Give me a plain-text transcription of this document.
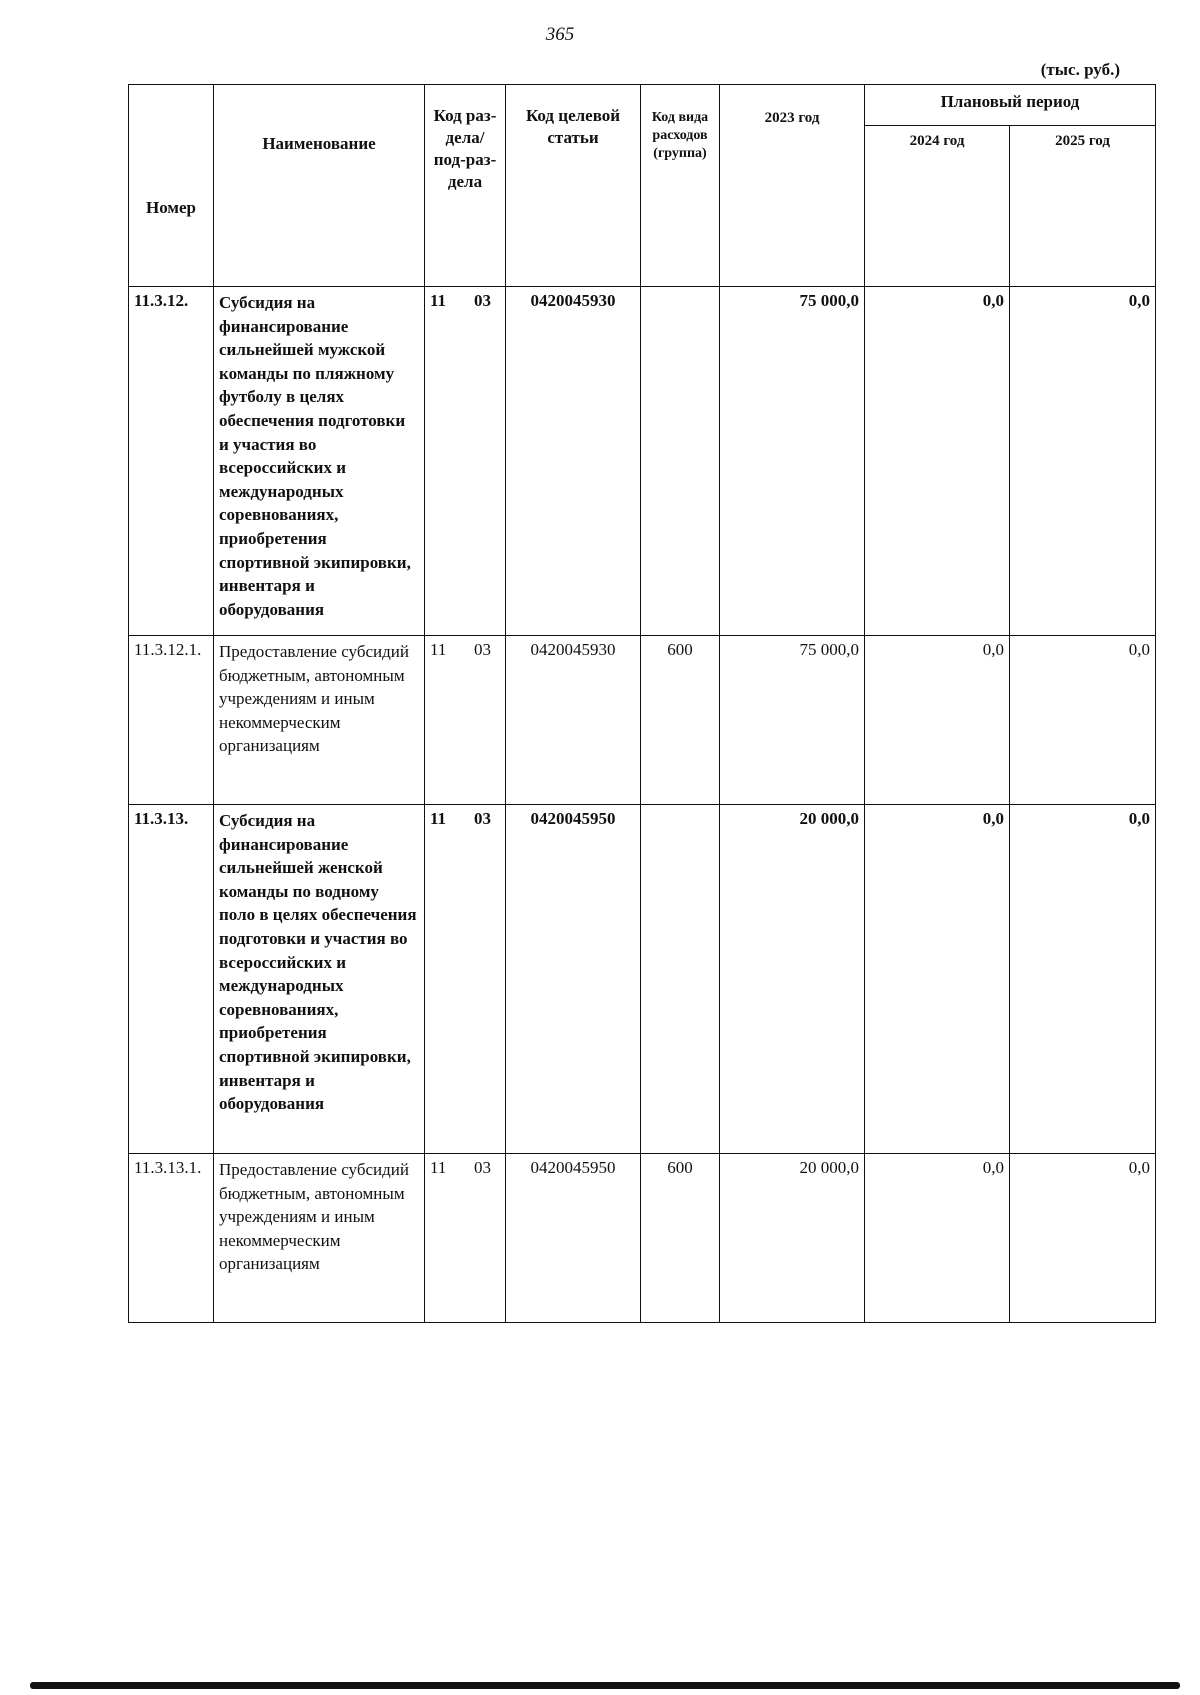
365
(тыс. руб.)
Номер	Наименование	Код раз-дела/ под-раз-дела	Код целевой статьи	Код вида расходов (группа)	2023 год	Плановый период	
						2024 год	2025 год
11.3.12.	Субсидия на финансирование сильнейшей мужской команды по пляжному футболу в целях обеспечения подготовки и участия во всероссийских и международных соревнованиях, приобретения спортивной экипировки, инвентаря и оборудования	11 03	0420045930		75 000,0	0,0	0,0
11.3.12.1.	Предоставление субсидий бюджетным, автономным учреждениям и иным некоммерческим организациям	11 03	0420045930	600	75 000,0	0,0	0,0
11.3.13.	Субсидия на финансирование сильнейшей женской команды по водному поло в целях обеспечения подготовки и участия во всероссийских и международных соревнованиях, приобретения спортивной экипировки, инвентаря и оборудования	11 03	0420045950		20 000,0	0,0	0,0
11.3.13.1.	Предоставление субсидий бюджетным, автономным учреждениям и иным некоммерческим организациям	11 03	0420045950	600	20 000,0	0,0	0,0
